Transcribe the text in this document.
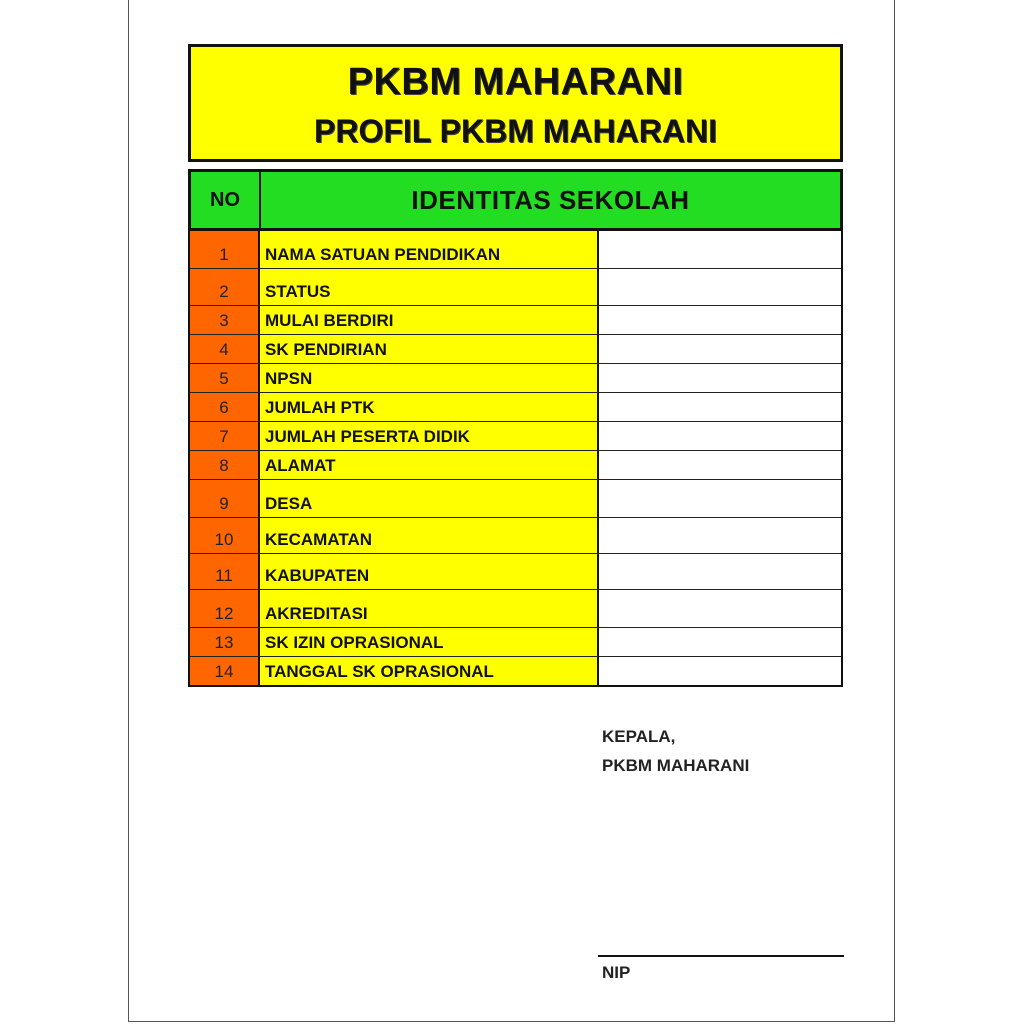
PKBM MAHARANI
PROFIL PKBM MAHARANI
NO	IDENTITAS SEKOLAH
1	NAMA SATUAN PENDIDIKAN
2	STATUS
3	MULAI BERDIRI
4	SK PENDIRIAN
5	NPSN
6	JUMLAH PTK
7	JUMLAH PESERTA DIDIK
8	ALAMAT
9	DESA
10	KECAMATAN
11	KABUPATEN
12	AKREDITASI
13	SK IZIN OPRASIONAL
14	TANGGAL SK OPRASIONAL
KEPALA,
PKBM MAHARANI
NIP
